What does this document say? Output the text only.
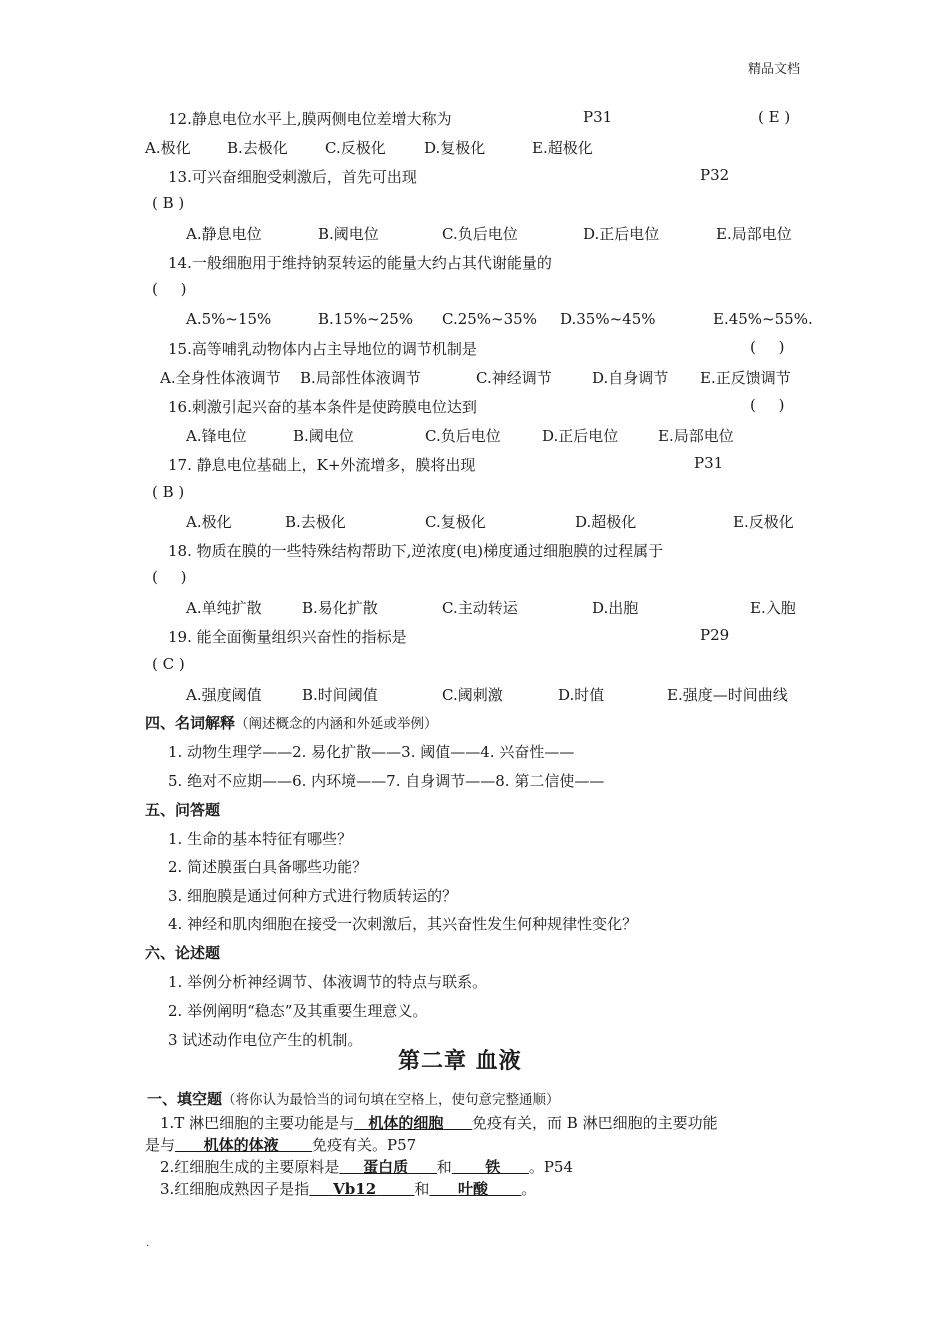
精品文档
12.静息电位水平上,膜两侧电位差增大称为	P31	( E )
A.极化 B.去极化 C.反极化	D.复极化	E.超极化
13.可兴奋细胞受刺激后，首先可出现	P32
( B )
A.静息电位	B.阈电位	C.负后电位	D.正后电位	E.局部电位
14.一般细胞用于维持钠泵转运的能量大约占其代谢能量的
( )
A.5%~15%	B.15%~25% C.25%~35% D.35%~45%	E.45%~55%.
15.高等哺乳动物体内占主导地位的调节机制是	( )
A.全身性体液调节 B.局部性体液调节	C.神经调节	D.自身调节 E.正反馈调节
16.刺激引起兴奋的基本条件是使跨膜电位达到	( )
A.锋电位	B.阈电位	C.负后电位	D.正后电位	E.局部电位
17. 静息电位基础上，K+外流增多，膜将出现	P31
( B )
A.极化	B.去极化	C.复极化	D.超极化	E.反极化
18. 物质在膜的一些特殊结构帮助下,逆浓度(电)梯度通过细胞膜的过程属于
( )
A.单纯扩散	B.易化扩散	C.主动转运	D.出胞	E.入胞
19. 能全面衡量组织兴奋性的指标是	P29
( C )
A.强度阈值	B.时间阈值	C.阈刺激	D.时值	E.强度—时间曲线
四、名词解释（阐述概念的内涵和外延或举例）
1. 动物生理学——2. 易化扩散——3. 阈值——4. 兴奋性——
5. 绝对不应期——6. 内环境——7. 自身调节——8. 第二信使——
五、问答题
1. 生命的基本特征有哪些？
2. 简述膜蛋白具备哪些功能？
3. 细胞膜是通过何种方式进行物质转运的？
4. 神经和肌肉细胞在接受一次刺激后，其兴奋性发生何种规律性变化？
六、论述题
1. 举例分析神经调节、体液调节的特点与联系。
2. 举例阐明“稳态”及其重要生理意义。
3 试述动作电位产生的机制。
第二章 血液
一、填空题（将你认为最恰当的词句填在空格上，使句意完整通顺）
1.T 淋巴细胞的主要功能是与 机体的细胞 免疫有关，而 B 淋巴细胞的主要功能
是与 机体的体液 免疫有关。P57
2.红细胞生成的主要原料是 蛋白质 和 铁 。P54
3.红细胞成熟因子是指 Vb12	和 叶酸 。
.
